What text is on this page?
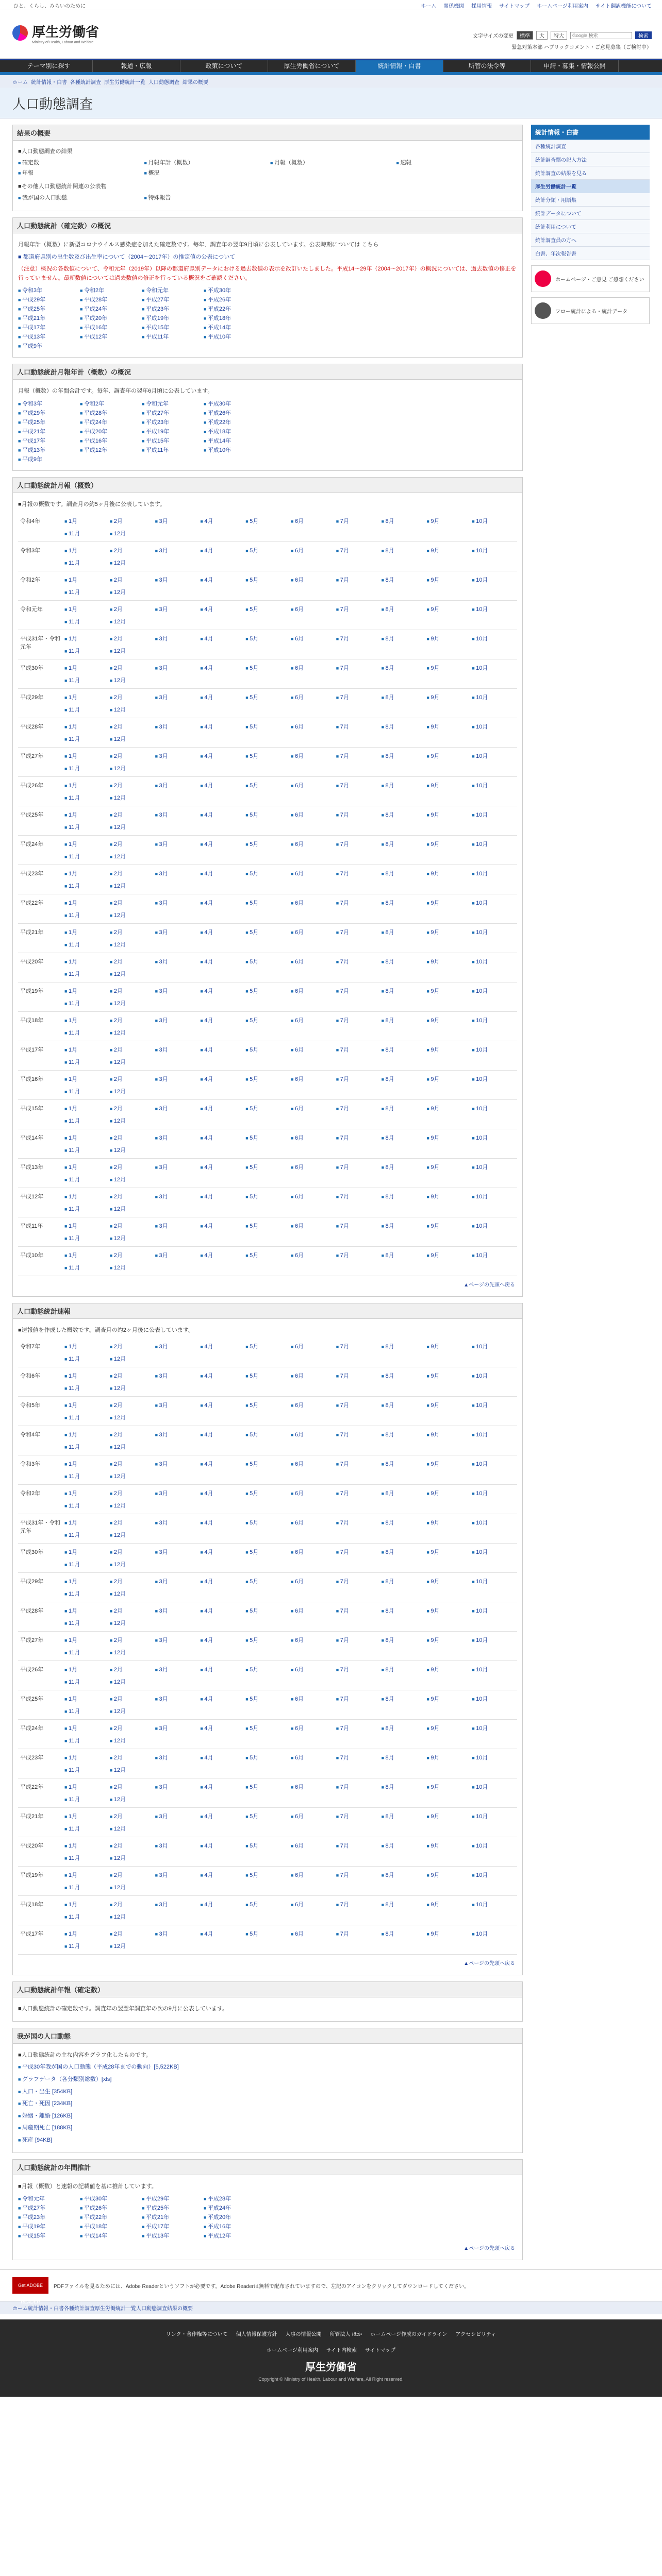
ひと、くらし、みらいのために	ホーム 関係機関 採用情報 サイトマップ ホームページ利用案内 サイト翻訳機能について
厚生労働省
Ministry of Health, Labour and Welfare
文字サイズの変更	標準	大	特大
Google 検索	検索
緊急対策本部 ハブリックコメント・ご意見募集（ご検討中）
テーマ別に探す	報道・広報	政策について	厚生労働省について	統計情報・白書	所管の法令等	申請・募集・情報公開
ホーム 統計情報・白書 各種統計調査 厚生労働統計一覧 人口動態調査 結果の概要
人口動態調査
結果の概要
■人口動態調査の結果
■ 確定数	■ 月報年計（概数）	■ 月報（概数）	■ 速報
■ 年報	■ 概況
■その他人口動態統計関連の公表物
■ 我が国の人口動態	■ 特殊報告
人口動態統計（確定数）の概況

月報年計（概数）に新型コロナウイルス感染症を加えた確定数です。毎年、調査年の翌年9月頃に公表しています。公表時期については こちら

■ 都道府県別の出生数及び出生率について（2004～2017年）の推定値の公表について

（注意）概況の各数値について、令和元年（2019年）以降の都道府県別データにおける過去数値の表示を改訂いたしました。平成14～29年（2004～2017年）の概況については、過去数値の修正を行っていません。最新数値については過去数値の修正を行っている概況をご確認ください。

■ 令和3年	■ 令和2年	■ 令和元年	■ 平成30年
■ 平成29年	■ 平成28年	■ 平成27年	■ 平成26年
■ 平成25年	■ 平成24年	■ 平成23年	■ 平成22年
■ 平成21年	■ 平成20年	■ 平成19年	■ 平成18年
■ 平成17年	■ 平成16年	■ 平成15年	■ 平成14年
■ 平成13年	■ 平成12年	■ 平成11年	■ 平成10年
■ 平成9年
人口動態統計月報年計（概数）の概況

月報（概数）の年間合計です。毎年、調査年の翌年6月頃に公表しています。

■ 令和3年	■ 令和2年	■ 令和元年	■ 平成30年
■ 平成29年	■ 平成28年	■ 平成27年	■ 平成26年
■ 平成25年	■ 平成24年	■ 平成23年	■ 平成22年
■ 平成21年	■ 平成20年	■ 平成19年	■ 平成18年
■ 平成17年	■ 平成16年	■ 平成15年	■ 平成14年
■ 平成13年	■ 平成12年	■ 平成11年	■ 平成10年
■ 平成9年
人口動態統計月報（概数）

■月報の概数です。調査月の約5ヶ月後に公表しています。

令和4年	■ 1月	■ 2月	■ 3月	■ 4月	■ 5月	■ 6月	■ 7月	■ 8月	■ 9月	■ 10月
■ 11月	■ 12月
令和3年	■ 1月	■ 2月	■ 3月	■ 4月	■ 5月	■ 6月	■ 7月	■ 8月	■ 9月	■ 10月
■ 11月	■ 12月
令和2年	■ 1月	■ 2月	■ 3月	■ 4月	■ 5月	■ 6月	■ 7月	■ 8月	■ 9月	■ 10月
■ 11月	■ 12月
令和元年	■ 1月	■ 2月	■ 3月	■ 4月	■ 5月	■ 6月	■ 7月	■ 8月	■ 9月	■ 10月
■ 11月	■ 12月
平成31年・令和元年
■ 1月	■ 2月	■ 3月	■ 4月	■ 5月	■ 6月	■ 7月	■ 8月	■ 9月	■ 10月
■ 11月	■ 12月
平成30年	■ 1月	■ 2月	■ 3月	■ 4月	■ 5月	■ 6月	■ 7月	■ 8月	■ 9月	■ 10月
■ 11月	■ 12月
平成29年	■ 1月	■ 2月	■ 3月	■ 4月	■ 5月	■ 6月	■ 7月	■ 8月	■ 9月	■ 10月
■ 11月	■ 12月
平成28年	■ 1月	■ 2月	■ 3月	■ 4月	■ 5月	■ 6月	■ 7月	■ 8月	■ 9月	■ 10月
■ 11月	■ 12月
平成27年	■ 1月	■ 2月	■ 3月	■ 4月	■ 5月	■ 6月	■ 7月	■ 8月	■ 9月	■ 10月
■ 11月	■ 12月
平成26年	■ 1月	■ 2月	■ 3月	■ 4月	■ 5月	■ 6月	■ 7月	■ 8月	■ 9月	■ 10月
■ 11月	■ 12月
平成25年	■ 1月	■ 2月	■ 3月	■ 4月	■ 5月	■ 6月	■ 7月	■ 8月	■ 9月	■ 10月
■ 11月	■ 12月
平成24年	■ 1月	■ 2月	■ 3月	■ 4月	■ 5月	■ 6月	■ 7月	■ 8月	■ 9月	■ 10月
■ 11月	■ 12月
平成23年	■ 1月	■ 2月	■ 3月	■ 4月	■ 5月	■ 6月	■ 7月	■ 8月	■ 9月	■ 10月
■ 11月	■ 12月
平成22年	■ 1月	■ 2月	■ 3月	■ 4月	■ 5月	■ 6月	■ 7月	■ 8月	■ 9月	■ 10月
■ 11月	■ 12月
平成21年	■ 1月	■ 2月	■ 3月	■ 4月	■ 5月	■ 6月	■ 7月	■ 8月	■ 9月	■ 10月
■ 11月	■ 12月
平成20年	■ 1月	■ 2月	■ 3月	■ 4月	■ 5月	■ 6月	■ 7月	■ 8月	■ 9月	■ 10月
■ 11月	■ 12月
平成19年	■ 1月	■ 2月	■ 3月	■ 4月	■ 5月	■ 6月	■ 7月	■ 8月	■ 9月	■ 10月
■ 11月	■ 12月
平成18年	■ 1月	■ 2月	■ 3月	■ 4月	■ 5月	■ 6月	■ 7月	■ 8月	■ 9月	■ 10月
■ 11月	■ 12月
平成17年	■ 1月	■ 2月	■ 3月	■ 4月	■ 5月	■ 6月	■ 7月	■ 8月	■ 9月	■ 10月
■ 11月	■ 12月
平成16年	■ 1月	■ 2月	■ 3月	■ 4月	■ 5月	■ 6月	■ 7月	■ 8月	■ 9月	■ 10月
■ 11月	■ 12月
平成15年	■ 1月	■ 2月	■ 3月	■ 4月	■ 5月	■ 6月	■ 7月	■ 8月	■ 9月	■ 10月
■ 11月	■ 12月
平成14年	■ 1月	■ 2月	■ 3月	■ 4月	■ 5月	■ 6月	■ 7月	■ 8月	■ 9月	■ 10月
■ 11月	■ 12月
平成13年	■ 1月	■ 2月	■ 3月	■ 4月	■ 5月	■ 6月	■ 7月	■ 8月	■ 9月	■ 10月
■ 11月	■ 12月
平成12年	■ 1月	■ 2月	■ 3月	■ 4月	■ 5月	■ 6月	■ 7月	■ 8月	■ 9月	■ 10月
■ 11月	■ 12月
平成11年	■ 1月	■ 2月	■ 3月	■ 4月	■ 5月	■ 6月	■ 7月	■ 8月	■ 9月	■ 10月
■ 11月	■ 12月
平成10年	■ 1月	■ 2月	■ 3月	■ 4月	■ 5月	■ 6月	■ 7月	■ 8月	■ 9月	■ 10月
■ 11月	■ 12月
▲ページの先頭へ戻る
人口動態統計速報

■速報値を作成した概数です。調査月の約2ヶ月後に公表しています。

令和7年	■ 1月	■ 2月	■ 3月	■ 4月	■ 5月	■ 6月	■ 7月	■ 8月	■ 9月	■ 10月
■ 11月	■ 12月
令和6年	■ 1月	■ 2月	■ 3月	■ 4月	■ 5月	■ 6月	■ 7月	■ 8月	■ 9月	■ 10月
■ 11月	■ 12月
令和5年	■ 1月	■ 2月	■ 3月	■ 4月	■ 5月	■ 6月	■ 7月	■ 8月	■ 9月	■ 10月
■ 11月	■ 12月
令和4年	■ 1月	■ 2月	■ 3月	■ 4月	■ 5月	■ 6月	■ 7月	■ 8月	■ 9月	■ 10月
■ 11月	■ 12月
令和3年	■ 1月	■ 2月	■ 3月	■ 4月	■ 5月	■ 6月	■ 7月	■ 8月	■ 9月	■ 10月
■ 11月	■ 12月
令和2年	■ 1月	■ 2月	■ 3月	■ 4月	■ 5月	■ 6月	■ 7月	■ 8月	■ 9月	■ 10月
■ 11月	■ 12月
平成31年・令和元年
■ 1月	■ 2月	■ 3月	■ 4月	■ 5月	■ 6月	■ 7月	■ 8月	■ 9月	■ 10月
■ 11月	■ 12月
平成30年	■ 1月	■ 2月	■ 3月	■ 4月	■ 5月	■ 6月	■ 7月	■ 8月	■ 9月	■ 10月
■ 11月	■ 12月
平成29年	■ 1月	■ 2月	■ 3月	■ 4月	■ 5月	■ 6月	■ 7月	■ 8月	■ 9月	■ 10月
■ 11月	■ 12月
平成28年	■ 1月	■ 2月	■ 3月	■ 4月	■ 5月	■ 6月	■ 7月	■ 8月	■ 9月	■ 10月
■ 11月	■ 12月
平成27年	■ 1月	■ 2月	■ 3月	■ 4月	■ 5月	■ 6月	■ 7月	■ 8月	■ 9月	■ 10月
■ 11月	■ 12月
平成26年	■ 1月	■ 2月	■ 3月	■ 4月	■ 5月	■ 6月	■ 7月	■ 8月	■ 9月	■ 10月
■ 11月	■ 12月
平成25年	■ 1月	■ 2月	■ 3月	■ 4月	■ 5月	■ 6月	■ 7月	■ 8月	■ 9月	■ 10月
■ 11月	■ 12月
平成24年	■ 1月	■ 2月	■ 3月	■ 4月	■ 5月	■ 6月	■ 7月	■ 8月	■ 9月	■ 10月
■ 11月	■ 12月
平成23年	■ 1月	■ 2月	■ 3月	■ 4月	■ 5月	■ 6月	■ 7月	■ 8月	■ 9月	■ 10月
■ 11月	■ 12月
平成22年	■ 1月	■ 2月	■ 3月	■ 4月	■ 5月	■ 6月	■ 7月	■ 8月	■ 9月	■ 10月
■ 11月	■ 12月
平成21年	■ 1月	■ 2月	■ 3月	■ 4月	■ 5月	■ 6月	■ 7月	■ 8月	■ 9月	■ 10月
■ 11月	■ 12月
平成20年	■ 1月	■ 2月	■ 3月	■ 4月	■ 5月	■ 6月	■ 7月	■ 8月	■ 9月	■ 10月
■ 11月	■ 12月
平成19年	■ 1月	■ 2月	■ 3月	■ 4月	■ 5月	■ 6月	■ 7月	■ 8月	■ 9月	■ 10月
■ 11月	■ 12月
平成18年	■ 1月	■ 2月	■ 3月	■ 4月	■ 5月	■ 6月	■ 7月	■ 8月	■ 9月	■ 10月
■ 11月	■ 12月
平成17年	■ 1月	■ 2月	■ 3月	■ 4月	■ 5月	■ 6月	■ 7月	■ 8月	■ 9月	■ 10月
■ 11月	■ 12月
▲ページの先頭へ戻る
人口動態統計年報（確定数）

■人口動態統計の確定数です。調査年の翌翌年調査年の次の9月に公表しています。

我が国の人口動態

■人口動態統計の主な内容をグラフ化したものです。

■ 平成30年我が国の人口動態（平成28年までの動向）[5,522KB]
■ グラフデータ（各分類別総数）[xls]
■ 人口・出生 [354KB]
■ 死亡・死因 [234KB]
■ 婚姻・離婚 [126KB]
■ 周産期死亡 [188KB]
■ 死産 [94KB]
人口動態統計の年間推計

■月報（概数）と速報の記載値を基に推計しています。

■ 令和元年	■ 平成30年	■ 平成29年	■ 平成28年
■ 平成27年	■ 平成26年	■ 平成25年	■ 平成24年
■ 平成23年	■ 平成22年	■ 平成21年	■ 平成20年
■ 平成19年	■ 平成18年	■ 平成17年	■ 平成16年
■ 平成15年	■ 平成14年	■ 平成13年	■ 平成12年
▲ページの先頭へ戻る
統計情報・白書
各種統計調査
統計調査票の記入方法
統計調査の結果を見る
厚生労働統計一覧
統計分類・用語集
統計データについて
統計利用について
統計調査員の方へ
白書、年次報告書
ホームページ・ご意見 ご感想ください
フロー統計による・統計データ
Get ADOBE READER
PDFファイルを見るためには、Adobe Readerというソフトが必要です。Adobe Readerは無料で配布されていますので、左記のアイコンをクリックしてダウンロードしてください。
ホーム統計情報・白書各種統計調査厚生労働統計一覧人口動態調査結果の概要
リンク・著作権等について 個人情報保護方針 人事の情報公開 所管法人 ほか ホームページ作成のガイドライン アクセシビリティ
ホームページ利用案内 サイト内検索 サイトマップ
厚生労働省
Copyright © Ministry of Health, Labour and Welfare, All Right reserved.
